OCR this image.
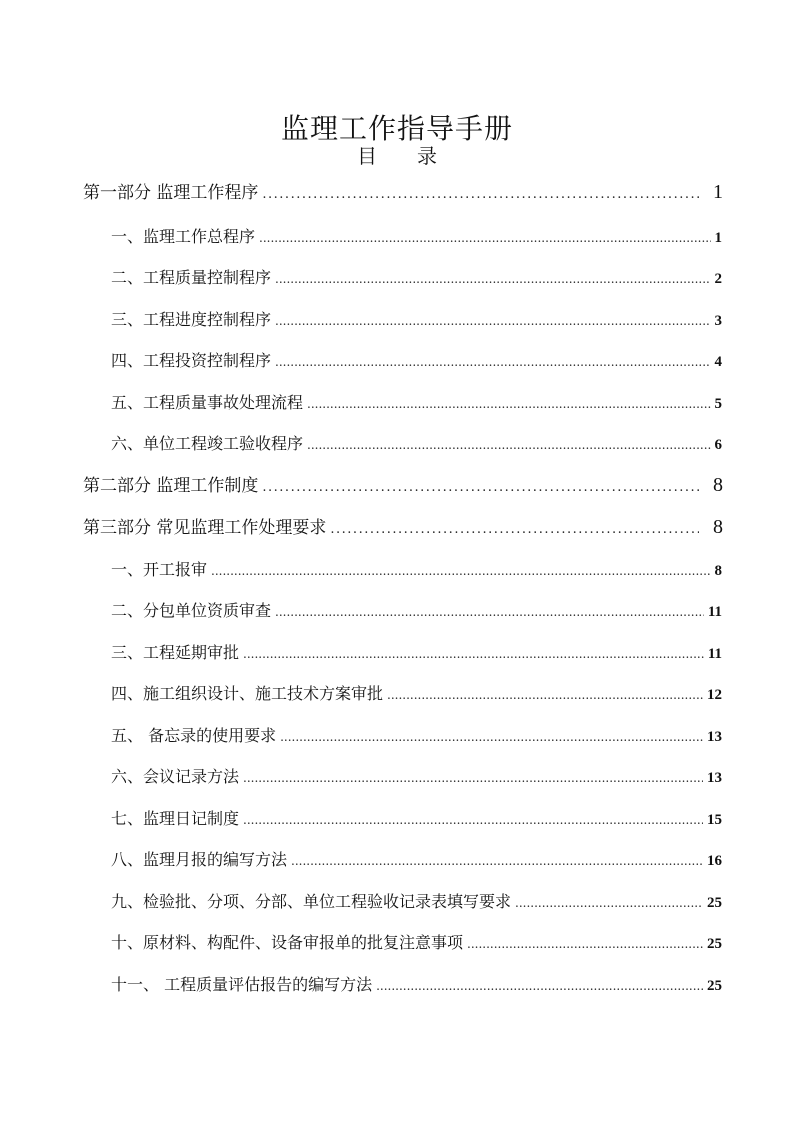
监理工作指导手册
目 录
第一部分 监理工作程序 .....	1
一、监理工作总程序 .....	1
二、工程质量控制程序 .....	2
三、工程进度控制程序 .....	3
四、工程投资控制程序 .....	4
五、工程质量事故处理流程 .....	5
六、单位工程竣工验收程序 .....	6
第二部分 监理工作制度 .....	8
第三部分 常见监理工作处理要求 .....	8
一、开工报审 .....	8
二、分包单位资质审查 .....	11
三、工程延期审批 .....	11
四、施工组织设计、施工技术方案审批 .....	12
五、 备忘录的使用要求 .....	13
六、会议记录方法 .....	13
七、监理日记制度 .....	15
八、监理月报的编写方法 .....	16
九、检验批、分项、分部、单位工程验收记录表填写要求 .....	25
十、原材料、构配件、设备审报单的批复注意事项 .....	25
十一、 工程质量评估报告的编写方法 .....	25
